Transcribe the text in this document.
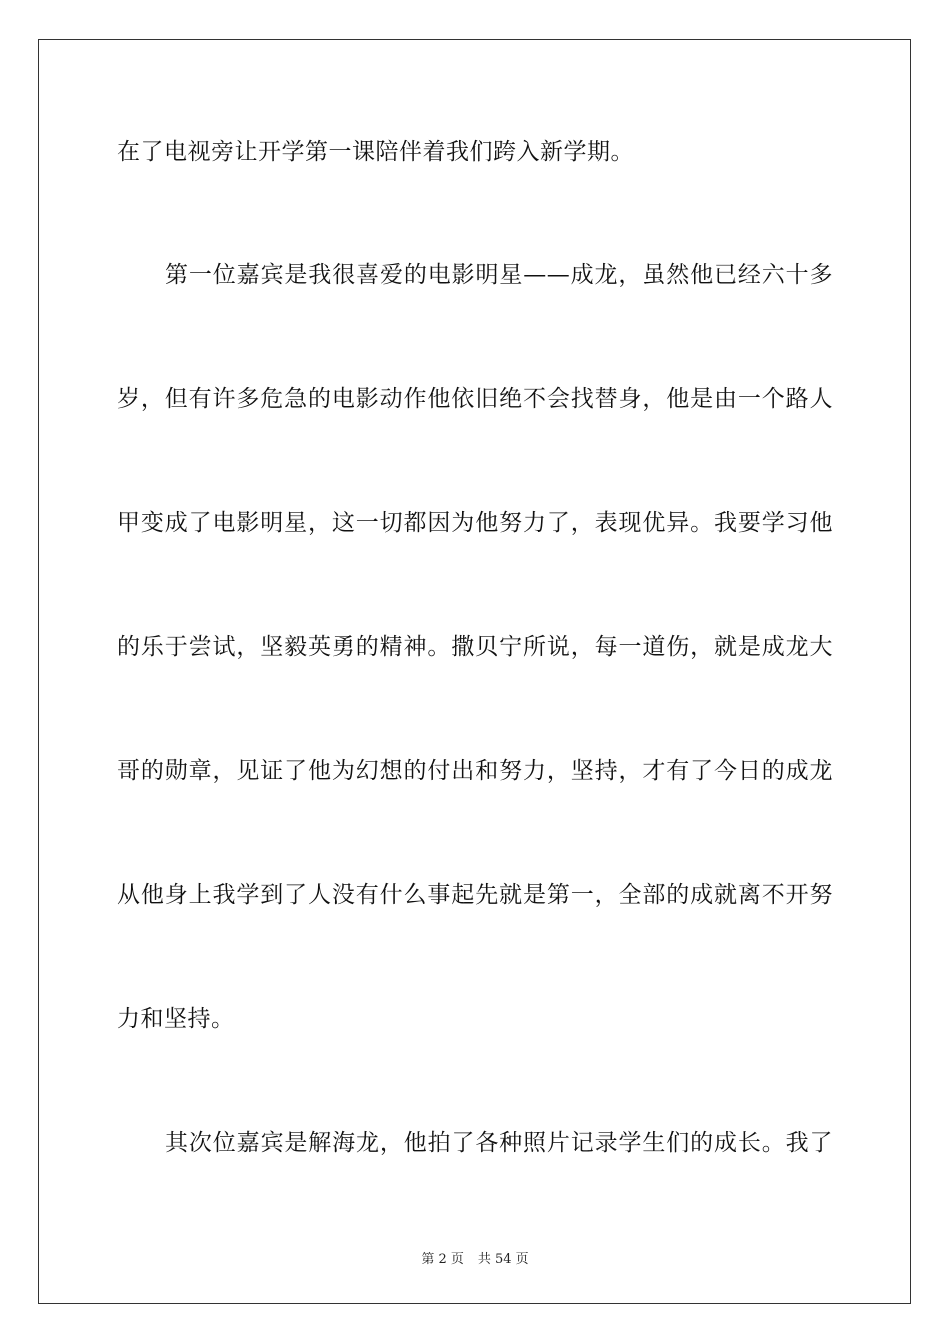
在了电视旁让开学第一课陪伴着我们跨入新学期。
第一位嘉宾是我很喜爱的电影明星——成龙，虽然他已经六十多
岁，但有许多危急的电影动作他依旧绝不会找替身，他是由一个路人
甲变成了电影明星，这一切都因为他努力了，表现优异。我要学习他
的乐于尝试，坚毅英勇的精神。撒贝宁所说，每一道伤，就是成龙大
哥的勋章，见证了他为幻想的付出和努力，坚持，才有了今日的成龙
从他身上我学到了人没有什么事起先就是第一，全部的成就离不开努
力和坚持。
其次位嘉宾是解海龙，他拍了各种照片记录学生们的成长。我了
第 2 页 共 54 页
